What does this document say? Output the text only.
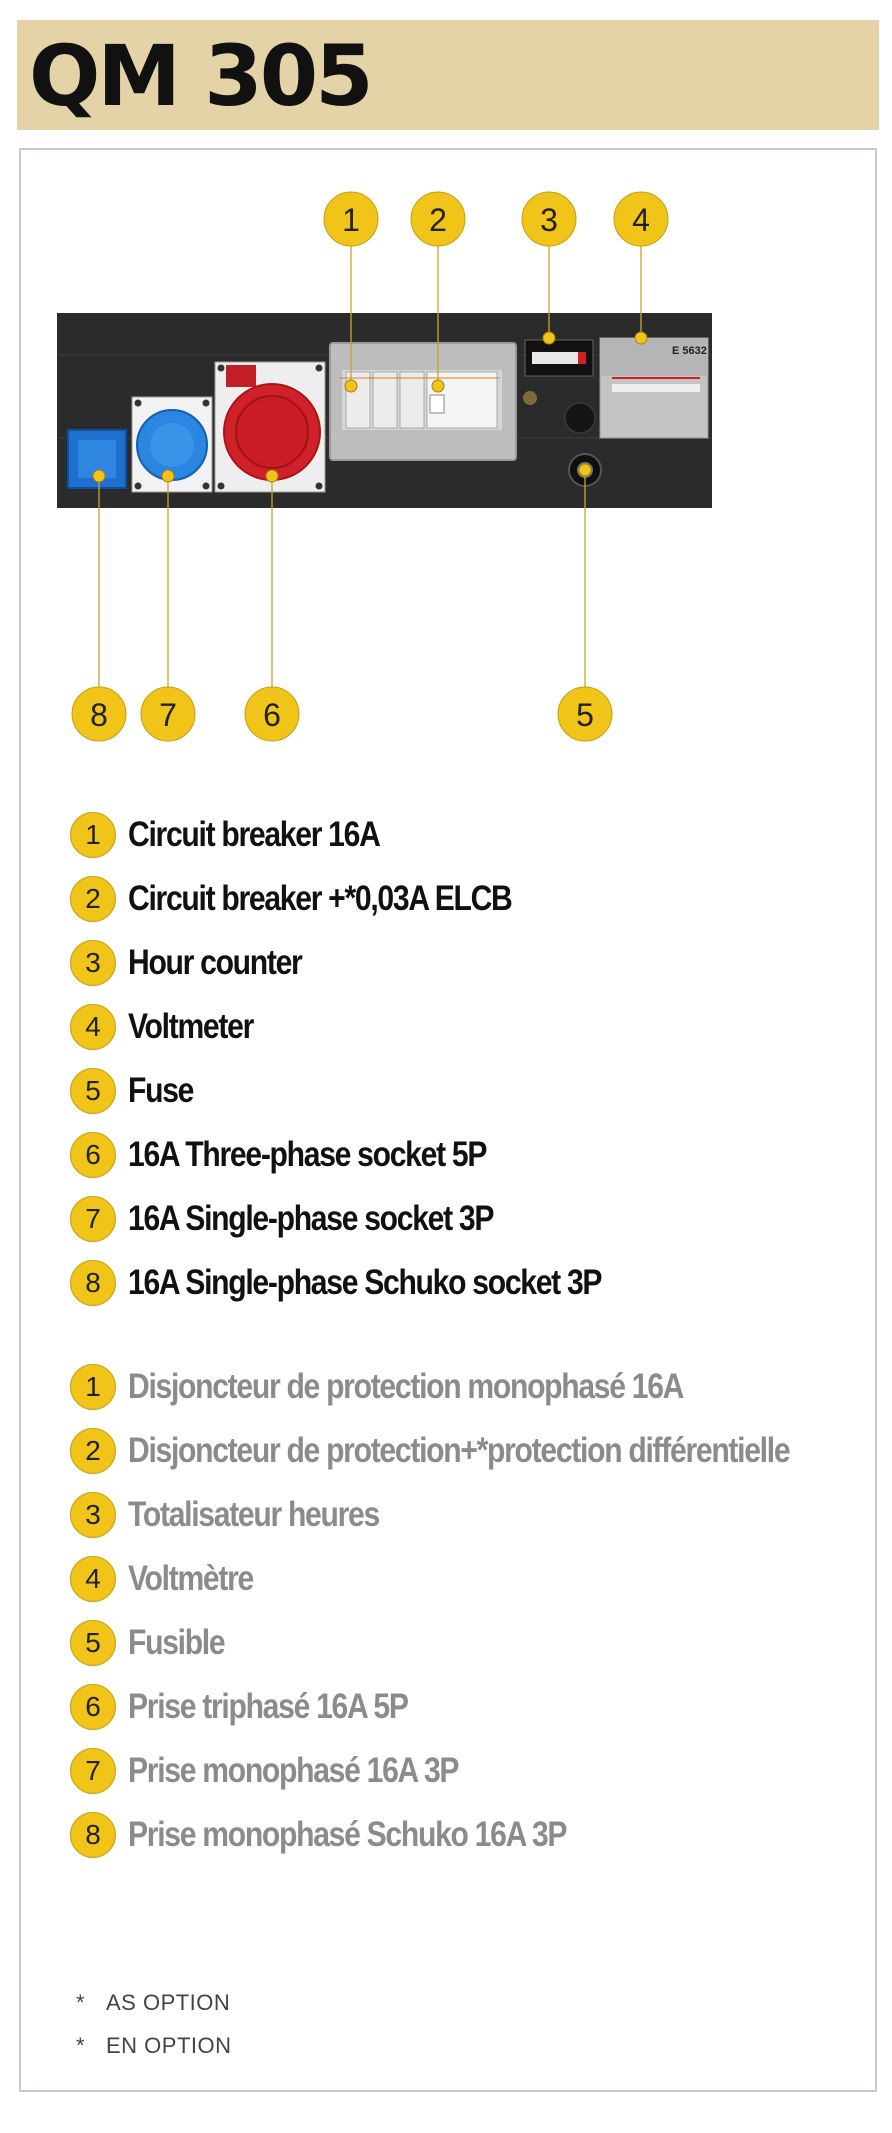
QM 305
E 5632
1 2	3 4
8 7	6	5
1 Circuit breaker 16A
2 Circuit breaker +*0,03A ELCB
3 Hour counter
4 Voltmeter
5 Fuse
6 16A Three-phase socket 5P
7 16A Single-phase socket 3P
8 16A Single-phase Schuko socket 3P
1 Disjoncteur de protection monophasé 16A
2 Disjoncteur de protection+*protection différentielle
3 Totalisateur heures
4 Voltmètre
5 Fusible
6 Prise triphasé 16A 5P
7 Prise monophasé 16A 3P
8 Prise monophasé Schuko 16A 3P
* AS OPTION
* EN OPTION
